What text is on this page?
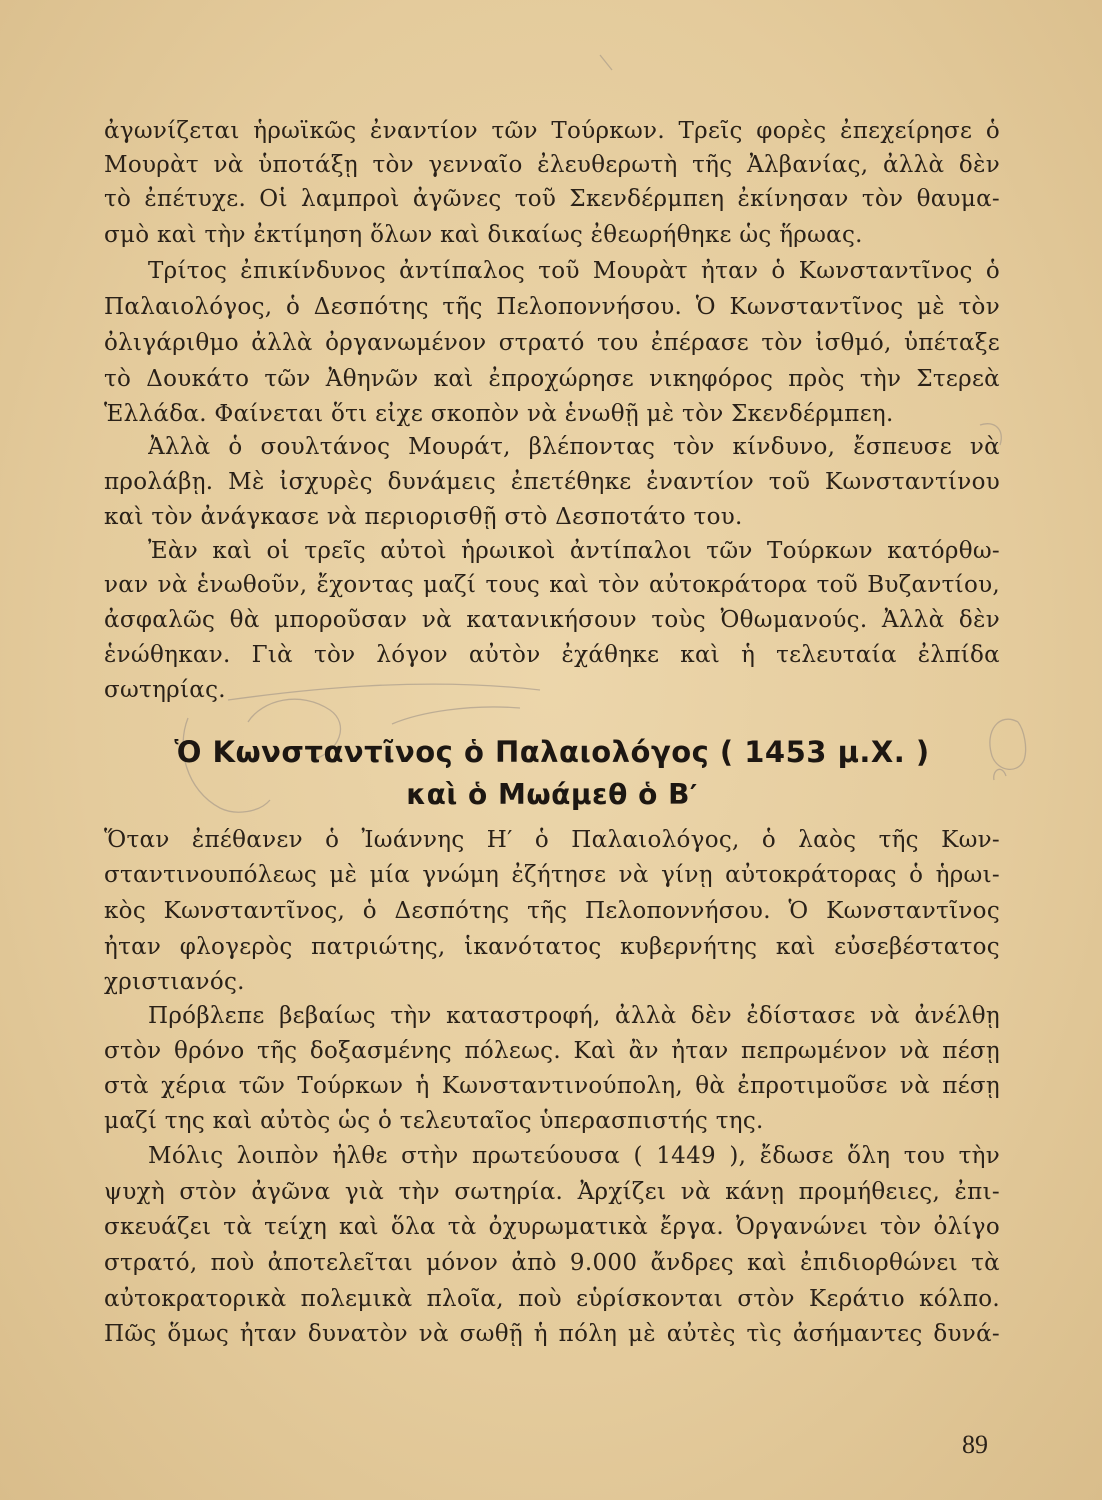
ἀγωνίζεται ἡρωϊκῶς ἐναντίον τῶν Τούρκων. Τρεῖς φορὲς ἐπεχείρησε ὁ
Μουρὰτ νὰ ὑποτάξῃ τὸν γενναῖο ἐλευθερωτὴ τῆς Ἀλβανίας, ἀλλὰ δὲν
τὸ ἐπέτυχε. Οἱ λαμπροὶ ἀγῶνες τοῦ Σκενδέρμπεη ἐκίνησαν τὸν θαυμα-
σμὸ καὶ τὴν ἐκτίμηση ὅλων καὶ δικαίως ἐθεωρήθηκε ὡς ἥρωας.
Τρίτος ἐπικίνδυνος ἀντίπαλος τοῦ Μουρὰτ ἦταν ὁ Κωνσταντῖνος ὁ
Παλαιολόγος, ὁ Δεσπότης τῆς Πελοποννήσου. Ὁ Κωνσταντῖνος μὲ τὸν
ὀλιγάριθμο ἀλλὰ ὀργανωμένον στρατό του ἐπέρασε τὸν ἰσθμό, ὑπέταξε
τὸ Δουκάτο τῶν Ἀθηνῶν καὶ ἐπροχώρησε νικηφόρος πρὸς τὴν Στερεὰ
Ἑλλάδα. Φαίνεται ὅτι εἶχε σκοπὸν νὰ ἑνωθῇ μὲ τὸν Σκενδέρμπεη.
Ἀλλὰ ὁ σουλτάνος Μουράτ, βλέποντας τὸν κίνδυνο, ἔσπευσε νὰ
προλάβῃ. Μὲ ἰσχυρὲς δυνάμεις ἐπετέθηκε ἐναντίον τοῦ Κωνσταντίνου
καὶ τὸν ἀνάγκασε νὰ περιορισθῇ στὸ Δεσποτάτο του.
Ἐὰν καὶ οἱ τρεῖς αὐτοὶ ἡρωικοὶ ἀντίπαλοι τῶν Τούρκων κατόρθω-
ναν νὰ ἑνωθοῦν, ἔχοντας μαζί τους καὶ τὸν αὐτοκράτορα τοῦ Βυζαντίου,
ἀσφαλῶς θὰ μποροῦσαν νὰ κατανικήσουν τοὺς Ὀθωμανούς. Ἀλλὰ δὲν
ἑνώθηκαν. Γιὰ τὸν λόγον αὐτὸν ἐχάθηκε καὶ ἡ τελευταία ἐλπίδα
σωτηρίας.
Ὁ Κωνσταντῖνος ὁ Παλαιολόγος ( 1453 μ.Χ. )
καὶ ὁ Μωάμεθ ὁ Β′
Ὅταν ἐπέθανεν ὁ Ἰωάννης Η′ ὁ Παλαιολόγος, ὁ λαὸς τῆς Κων-
σταντινουπόλεως μὲ μία γνώμη ἐζήτησε νὰ γίνῃ αὐτοκράτορας ὁ ἡρωι-
κὸς Κωνσταντῖνος, ὁ Δεσπότης τῆς Πελοποννήσου. Ὁ Κωνσταντῖνος
ἦταν φλογερὸς πατριώτης, ἱκανότατος κυβερνήτης καὶ εὐσεβέστατος
χριστιανός.
Πρόβλεπε βεβαίως τὴν καταστροφή, ἀλλὰ δὲν ἐδίστασε νὰ ἀνέλθῃ
στὸν θρόνο τῆς δοξασμένης πόλεως. Καὶ ἂν ἦταν πεπρωμένον νὰ πέσῃ
στὰ χέρια τῶν Τούρκων ἡ Κωνσταντινούπολη, θὰ ἐπροτιμοῦσε νὰ πέσῃ
μαζί της καὶ αὐτὸς ὡς ὁ τελευταῖος ὑπερασπιστής της.
Μόλις λοιπὸν ἦλθε στὴν πρωτεύουσα ( 1449 ), ἔδωσε ὅλη του τὴν
ψυχὴ στὸν ἀγῶνα γιὰ τὴν σωτηρία. Ἀρχίζει νὰ κάνῃ προμήθειες, ἐπι-
σκευάζει τὰ τείχη καὶ ὅλα τὰ ὀχυρωματικὰ ἔργα. Ὀργανώνει τὸν ὀλίγο
στρατό, ποὺ ἀποτελεῖται μόνον ἀπὸ 9.000 ἄνδρες καὶ ἐπιδιορθώνει τὰ
αὐτοκρατορικὰ πολεμικὰ πλοῖα, ποὺ εὑρίσκονται στὸν Κεράτιο κόλπο.
Πῶς ὅμως ἦταν δυνατὸν νὰ σωθῇ ἡ πόλη μὲ αὐτὲς τὶς ἀσήμαντες δυνά-
89
